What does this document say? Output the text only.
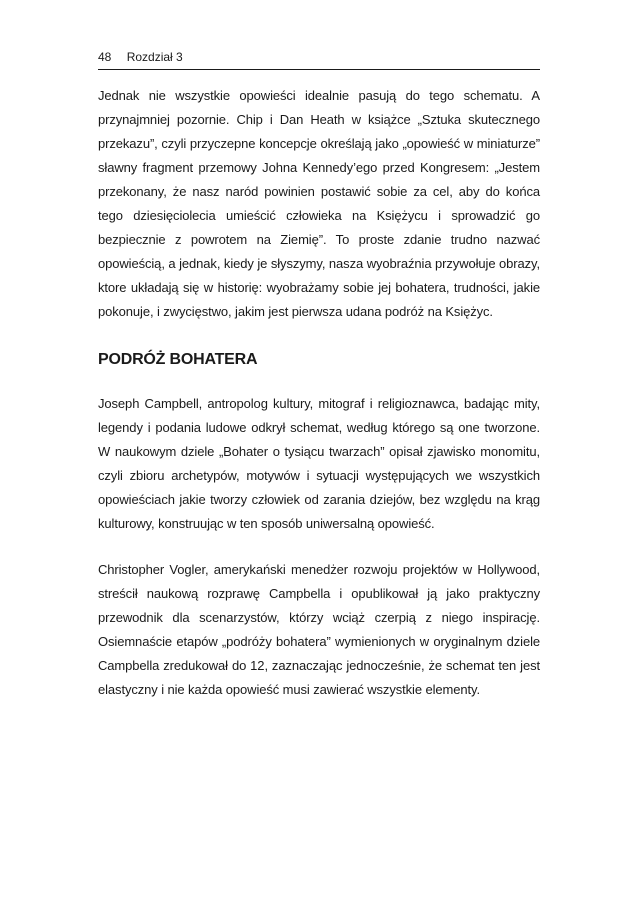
48 Rozdział 3

Jednak nie wszystkie opowieści idealnie pasują do tego schematu. A przynajmniej pozornie. Chip i Dan Heath w książce „Sztuka skutecznego przekazu”, czyli przyczepne koncepcje określają jako „opowieść w miniaturze” sławny fragment przemowy Johna Kennedy’ego przed Kongresem: „Jestem przekonany, że nasz naród powinien postawić sobie za cel, aby do końca tego dziesięciolecia umieścić człowieka na Księżycu i sprowadzić go bezpiecznie z powrotem na Ziemię”. To proste zdanie trudno nazwać opowieścią, a jednak, kiedy je słyszymy, nasza wyobraźnia przywołuje obrazy, ktore układają się w historię: wyobrażamy sobie jej bohatera, trudności, jakie pokonuje, i zwycięstwo, jakim jest pierwsza udana podróż na Księżyc.

PODRÓŻ BOHATERA

Joseph Campbell, antropolog kultury, mitograf i religioznawca, badając mity, legendy i podania ludowe odkrył schemat, według którego są one tworzone. W naukowym dziele „Bohater o tysiącu twarzach” opisał zjawisko monomitu, czyli zbioru archetypów, motywów i sytuacji występujących we wszystkich opowieściach jakie tworzy człowiek od zarania dziejów, bez względu na krąg kulturowy, konstruując w ten sposób uniwersalną opowieść.

Christopher Vogler, amerykański menedżer rozwoju projektów w Hollywood, streścił naukową rozprawę Campbella i opublikował ją jako praktyczny przewodnik dla scenarzystów, którzy wciąż czerpią z niego inspirację. Osiemnaście etapów „podróży bohatera” wymienionych w oryginalnym dziele Campbella zredukował do 12, zaznaczając jednocześnie, że schemat ten jest elastyczny i nie każda opowieść musi zawierać wszystkie elementy.
